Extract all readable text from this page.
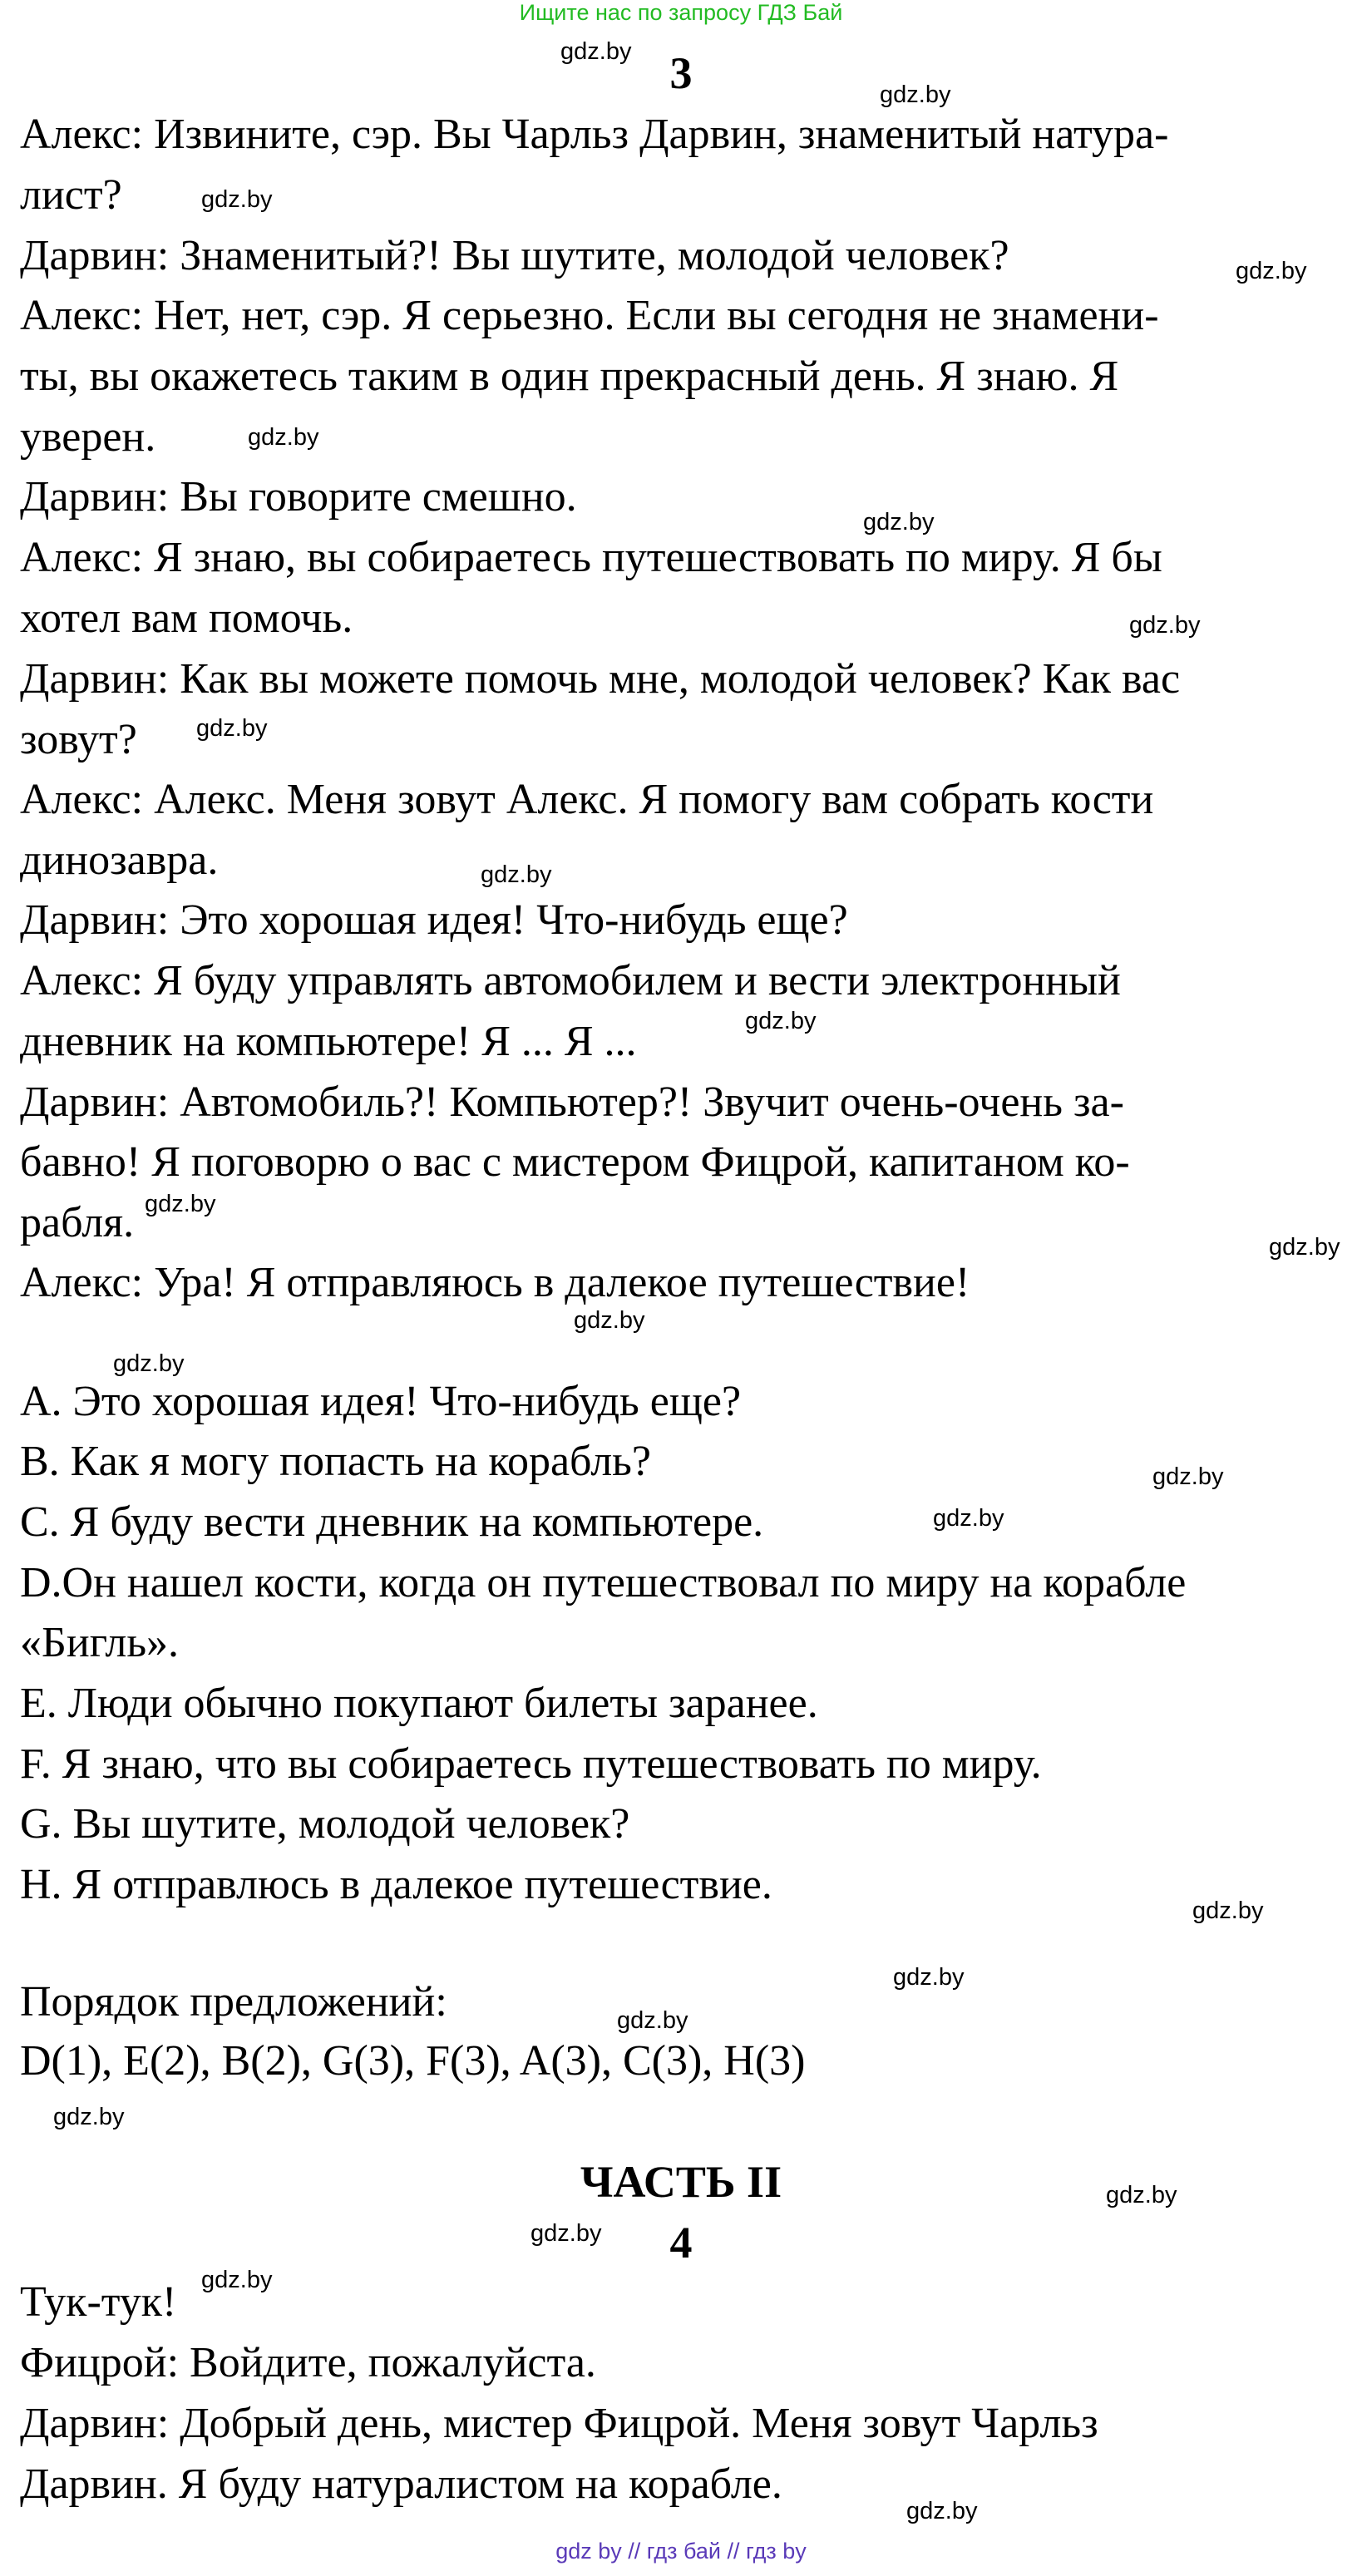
Ищите нас по запросу ГДЗ Бай
3
Алекс: Извините, сэр. Вы Чарльз Дарвин, знаменитый натура-
лист?
Дарвин: Знаменитый?! Вы шутите, молодой человек?
Алекс: Нет, нет, сэр. Я серьезно. Если вы сегодня не знамени-
ты, вы окажетесь таким в один прекрасный день. Я знаю. Я
уверен.
Дарвин: Вы говорите смешно.
Алекс: Я знаю, вы собираетесь путешествовать по миру. Я бы
хотел вам помочь.
Дарвин: Как вы можете помочь мне, молодой человек? Как вас
зовут?
Алекс: Алекс. Меня зовут Алекс. Я помогу вам собрать кости
динозавра.
Дарвин: Это хорошая идея! Что-нибудь еще?
Алекс: Я буду управлять автомобилем и вести электронный
дневник на компьютере! Я ... Я ...
Дарвин: Автомобиль?! Компьютер?! Звучит очень-очень за-
бавно! Я поговорю о вас с мистером Фицрой, капитаном ко-
рабля.
Алекс: Ура! Я отправляюсь в далекое путешествие!
A. Это хорошая идея! Что-нибудь еще?
B. Как я могу попасть на корабль?
C. Я буду вести дневник на компьютере.
D.Он нашел кости, когда он путешествовал по миру на корабле
«Бигль».
E. Люди обычно покупают билеты заранее.
F. Я знаю, что вы собираетесь путешествовать по миру.
G. Вы шутите, молодой человек?
H. Я отправлюсь в далекое путешествие.
Порядок предложений:
D(1), E(2), B(2), G(3), F(3), A(3), C(3), H(3)
ЧАСТЬ II
4
Тук-тук!
Фицрой: Войдите, пожалуйста.
Дарвин: Добрый день, мистер Фицрой. Меня зовут Чарльз
Дарвин. Я буду натуралистом на корабле.
gdz.by
gdz.by
gdz.by
gdz.by
gdz.by
gdz.by
gdz.by
gdz.by
gdz.by
gdz.by
gdz.by
gdz.by
gdz.by
gdz.by
gdz.by
gdz.by
gdz.by
gdz.by
gdz.by
gdz.by
gdz.by
gdz.by
gdz.by
gdz.by
gdz by // гдз бай // гдз by
